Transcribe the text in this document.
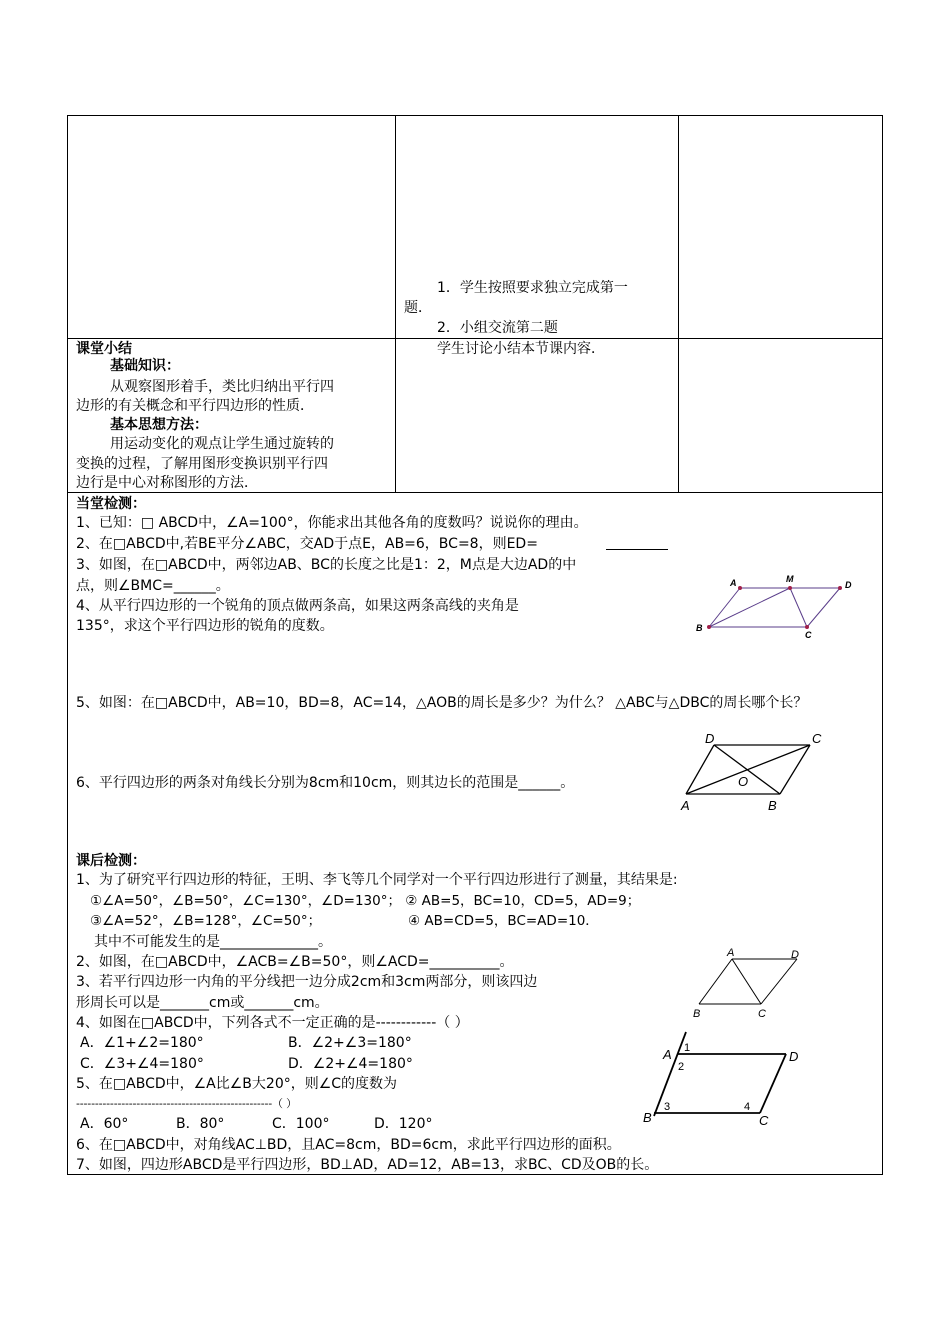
1．学生按照要求独立完成第一
题．
2．小组交流第二题
课堂小结
基础知识：
从观察图形着手，类比归纳出平行四
边形的有关概念和平行四边形的性质．
基本思想方法：
用运动变化的观点让学生通过旋转的
变换的过程，了解用图形变换识别平行四
边行是中心对称图形的方法．
学生讨论小结本节课内容．
当堂检测：
1、已知：□ ABCD中，∠A=100°，你能求出其他各角的度数吗？说说你的理由。
2、在□ABCD中,若BE平分∠ABC，交AD于点E，AB=6，BC=8，则ED=
3、如图，在□ABCD中，两邻边AB、BC的长度之比是1：2，M点是大边AD的中
点，则∠BMC=______。
4、从平行四边形的一个锐角的顶点做两条高，如果这两条高线的夹角是
135°，求这个平行四边形的锐角的度数。
A	M
D
B
C
5、如图：在□ABCD中，AB=10，BD=8，AC=14，△AOB的周长是多少？为什么？ △ABC与△DBC的周长哪个长？
D	C
O
A	B
6、平行四边形的两条对角线长分别为8cm和10cm，则其边长的范围是______。
课后检测：
1、为了研究平行四边形的特征，王明、李飞等几个同学对一个平行四边形进行了测量，其结果是:
①∠A=50°，∠B=50°，∠C=130°，∠D=130°； ② AB=5，BC=10，CD=5，AD=9；
③∠A=52°，∠B=128°，∠C=50°；	④ AB=CD=5，BC=AD=10．
其中不可能发生的是______________。
2、如图，在□ABCD中，∠ACB=∠B=50°，则∠ACD=__________。
3、若平行四边形一内角的平分线把一边分成2cm和3cm两部分，则该四边
形周长可以是_______cm或_______cm。
4、如图在□ABCD中，下列各式不一定正确的是------------（ ）
A．∠1+∠2=180°	B．∠2+∠3=180°
C．∠3+∠4=180°	D．∠2+∠4=180°
5、在□ABCD中，∠A比∠B大20°，则∠C的度数为
----------------------------------------------------（ ）
A．60°	B．80°	C．100°	D．120°
6、在□ABCD中，对角线AC⊥BD，且AC=8cm，BD=6cm，求此平行四边形的面积。
7、如图，四边形ABCD是平行四边形，BD⊥AD，AD=12，AB=13，求BC、CD及OB的长。
A	D
B	C
A 1
2
D
B
3	4
C
